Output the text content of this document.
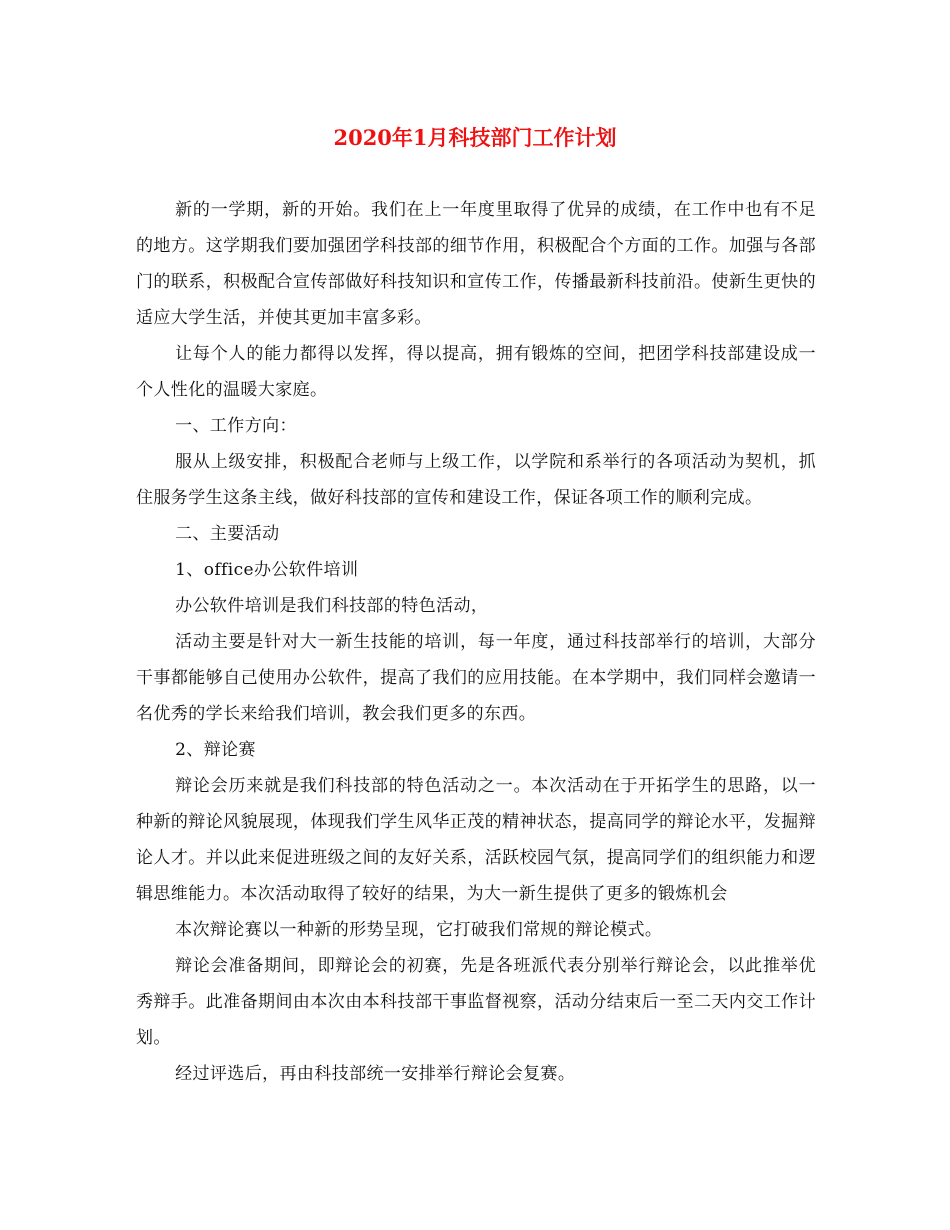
2020年1月科技部门工作计划

新的一学期，新的开始。我们在上一年度里取得了优异的成绩，在工作中也有不足的地方。这学期我们要加强团学科技部的细节作用，积极配合个方面的工作。加强与各部门的联系，积极配合宣传部做好科技知识和宣传工作，传播最新科技前沿。使新生更快的适应大学生活，并使其更加丰富多彩。

让每个人的能力都得以发挥，得以提高，拥有锻炼的空间，把团学科技部建设成一个人性化的温暖大家庭。

一、工作方向：

服从上级安排，积极配合老师与上级工作，以学院和系举行的各项活动为契机，抓住服务学生这条主线，做好科技部的宣传和建设工作，保证各项工作的顺利完成。

二、主要活动

1、office办公软件培训

办公软件培训是我们科技部的特色活动，

活动主要是针对大一新生技能的培训，每一年度，通过科技部举行的培训，大部分干事都能够自己使用办公软件，提高了我们的应用技能。在本学期中，我们同样会邀请一名优秀的学长来给我们培训，教会我们更多的东西。

2、辩论赛

辩论会历来就是我们科技部的特色活动之一。本次活动在于开拓学生的思路，以一种新的辩论风貌展现，体现我们学生风华正茂的精神状态，提高同学的辩论水平，发掘辩论人才。并以此来促进班级之间的友好关系，活跃校园气氛，提高同学们的组织能力和逻辑思维能力。本次活动取得了较好的结果，为大一新生提供了更多的锻炼机会

本次辩论赛以一种新的形势呈现，它打破我们常规的辩论模式。

辩论会准备期间，即辩论会的初赛，先是各班派代表分别举行辩论会，以此推举优秀辩手。此准备期间由本次由本科技部干事监督视察，活动分结束后一至二天内交工作计划。

经过评选后，再由科技部统一安排举行辩论会复赛。
